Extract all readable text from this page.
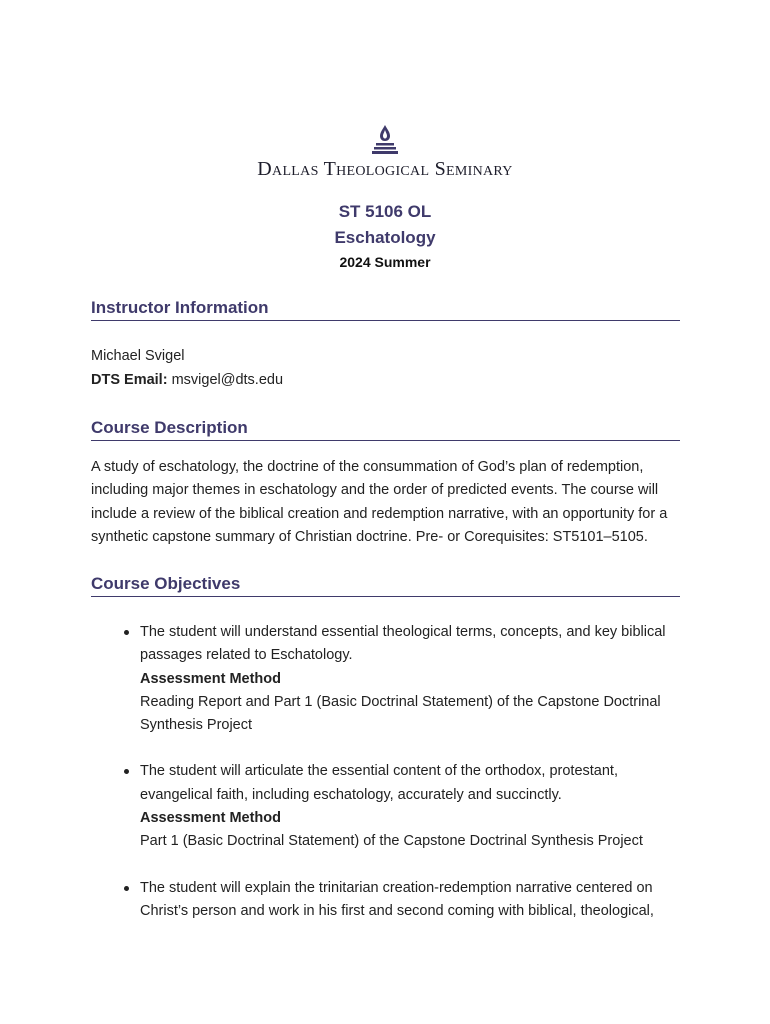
Dallas Theological Seminary
ST 5106 OL
Eschatology
2024 Summer
Instructor Information
Michael Svigel
DTS Email: msvigel@dts.edu
Course Description
A study of eschatology, the doctrine of the consummation of God’s plan of redemption, including major themes in eschatology and the order of predicted events. The course will include a review of the biblical creation and redemption narrative, with an opportunity for a synthetic capstone summary of Christian doctrine. Pre- or Corequisites: ST5101–5105.
Course Objectives
The student will understand essential theological terms, concepts, and key biblical passages related to Eschatology.
Assessment Method
Reading Report and Part 1 (Basic Doctrinal Statement) of the Capstone Doctrinal Synthesis Project
The student will articulate the essential content of the orthodox, protestant, evangelical faith, including eschatology, accurately and succinctly.
Assessment Method
Part 1 (Basic Doctrinal Statement) of the Capstone Doctrinal Synthesis Project
The student will explain the trinitarian creation-redemption narrative centered on Christ’s person and work in his first and second coming with biblical, theological,
